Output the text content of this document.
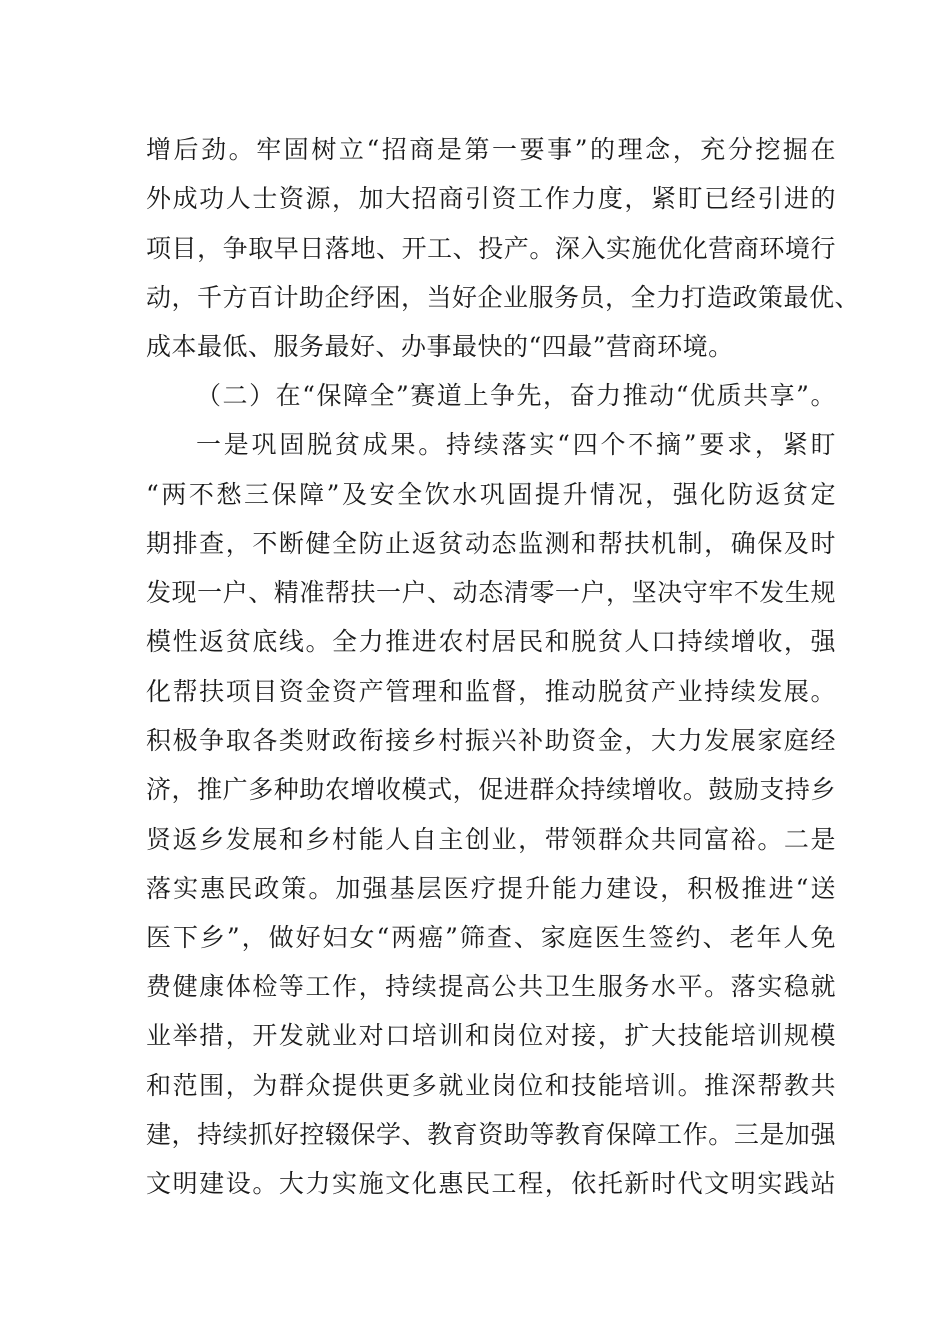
增后劲。牢固树立“招商是第一要事”的理念，充分挖掘在
外成功人士资源，加大招商引资工作力度，紧盯已经引进的
项目，争取早日落地、开工、投产。深入实施优化营商环境行
动，千方百计助企纾困，当好企业服务员，全力打造政策最优、
成本最低、服务最好、办事最快的“四最”营商环境。
（二）在“保障全”赛道上争先，奋力推动“优质共享”。
一是巩固脱贫成果。持续落实“四个不摘”要求，紧盯
“两不愁三保障”及安全饮水巩固提升情况，强化防返贫定
期排查，不断健全防止返贫动态监测和帮扶机制，确保及时
发现一户、精准帮扶一户、动态清零一户，坚决守牢不发生规
模性返贫底线。全力推进农村居民和脱贫人口持续增收，强
化帮扶项目资金资产管理和监督，推动脱贫产业持续发展。
积极争取各类财政衔接乡村振兴补助资金，大力发展家庭经
济，推广多种助农增收模式，促进群众持续增收。鼓励支持乡
贤返乡发展和乡村能人自主创业，带领群众共同富裕。二是
落实惠民政策。加强基层医疗提升能力建设，积极推进“送
医下乡”，做好妇女“两癌”筛查、家庭医生签约、老年人免
费健康体检等工作，持续提高公共卫生服务水平。落实稳就
业举措，开发就业对口培训和岗位对接，扩大技能培训规模
和范围，为群众提供更多就业岗位和技能培训。推深帮教共
建，持续抓好控辍保学、教育资助等教育保障工作。三是加强
文明建设。大力实施文化惠民工程，依托新时代文明实践站
